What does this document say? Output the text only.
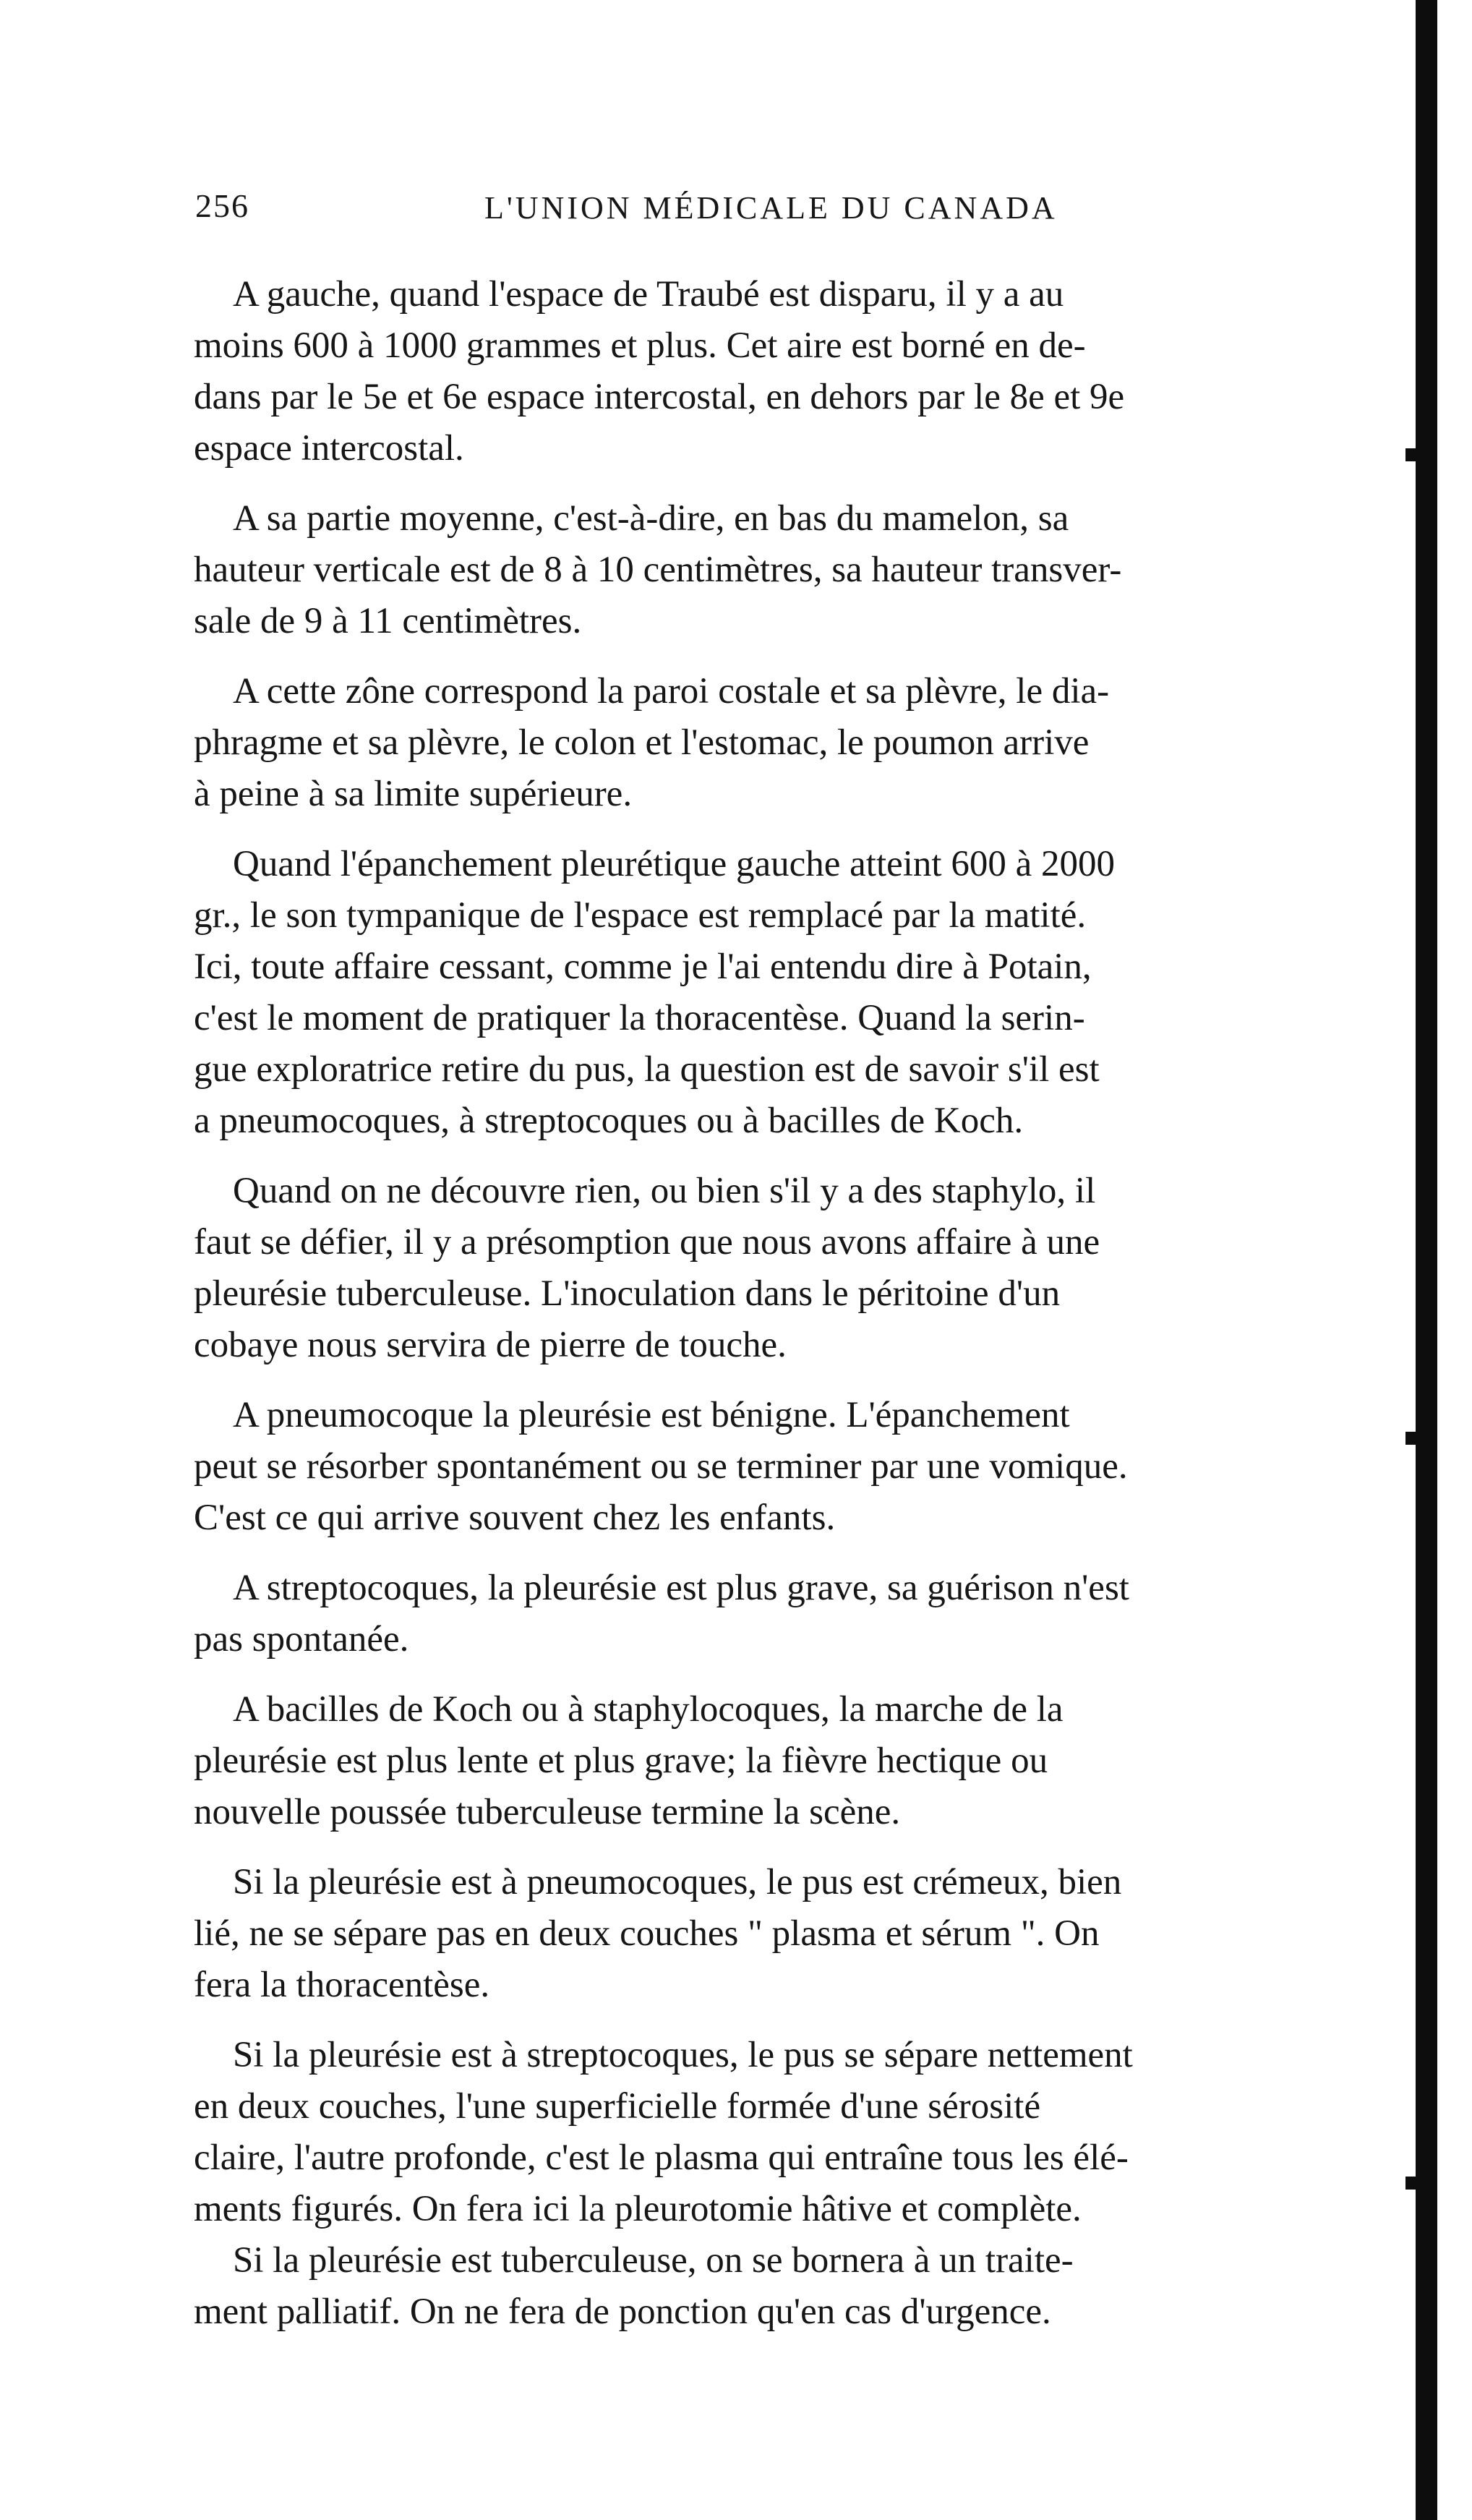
256	L'UNION MÉDICALE DU CANADA
A gauche, quand l'espace de Traubé est disparu, il y a au
moins 600 à 1000 grammes et plus. Cet aire est borné en de-
dans par le 5e et 6e espace intercostal, en dehors par le 8e et 9e
espace intercostal.
A sa partie moyenne, c'est-à-dire, en bas du mamelon, sa
hauteur verticale est de 8 à 10 centimètres, sa hauteur transver-
sale de 9 à 11 centimètres.
A cette zône correspond la paroi costale et sa plèvre, le dia-
phragme et sa plèvre, le colon et l'estomac, le poumon arrive
à peine à sa limite supérieure.
Quand l'épanchement pleurétique gauche atteint 600 à 2000
gr., le son tympanique de l'espace est remplacé par la matité.
Ici, toute affaire cessant, comme je l'ai entendu dire à Potain,
c'est le moment de pratiquer la thoracentèse. Quand la serin-
gue exploratrice retire du pus, la question est de savoir s'il est
a pneumocoques, à streptocoques ou à bacilles de Koch.
Quand on ne découvre rien, ou bien s'il y a des staphylo, il
faut se défier, il y a présomption que nous avons affaire à une
pleurésie tuberculeuse. L'inoculation dans le péritoine d'un
cobaye nous servira de pierre de touche.
A pneumocoque la pleurésie est bénigne. L'épanchement
peut se résorber spontanément ou se terminer par une vomique.
C'est ce qui arrive souvent chez les enfants.
A streptocoques, la pleurésie est plus grave, sa guérison n'est
pas spontanée.
A bacilles de Koch ou à staphylocoques, la marche de la
pleurésie est plus lente et plus grave; la fièvre hectique ou
nouvelle poussée tuberculeuse termine la scène.
Si la pleurésie est à pneumocoques, le pus est crémeux, bien
lié, ne se sépare pas en deux couches " plasma et sérum ". On
fera la thoracentèse.
Si la pleurésie est à streptocoques, le pus se sépare nettement
en deux couches, l'une superficielle formée d'une sérosité
claire, l'autre profonde, c'est le plasma qui entraîne tous les élé-
ments figurés. On fera ici la pleurotomie hâtive et complète.
Si la pleurésie est tuberculeuse, on se bornera à un traite-
ment palliatif. On ne fera de ponction qu'en cas d'urgence.
